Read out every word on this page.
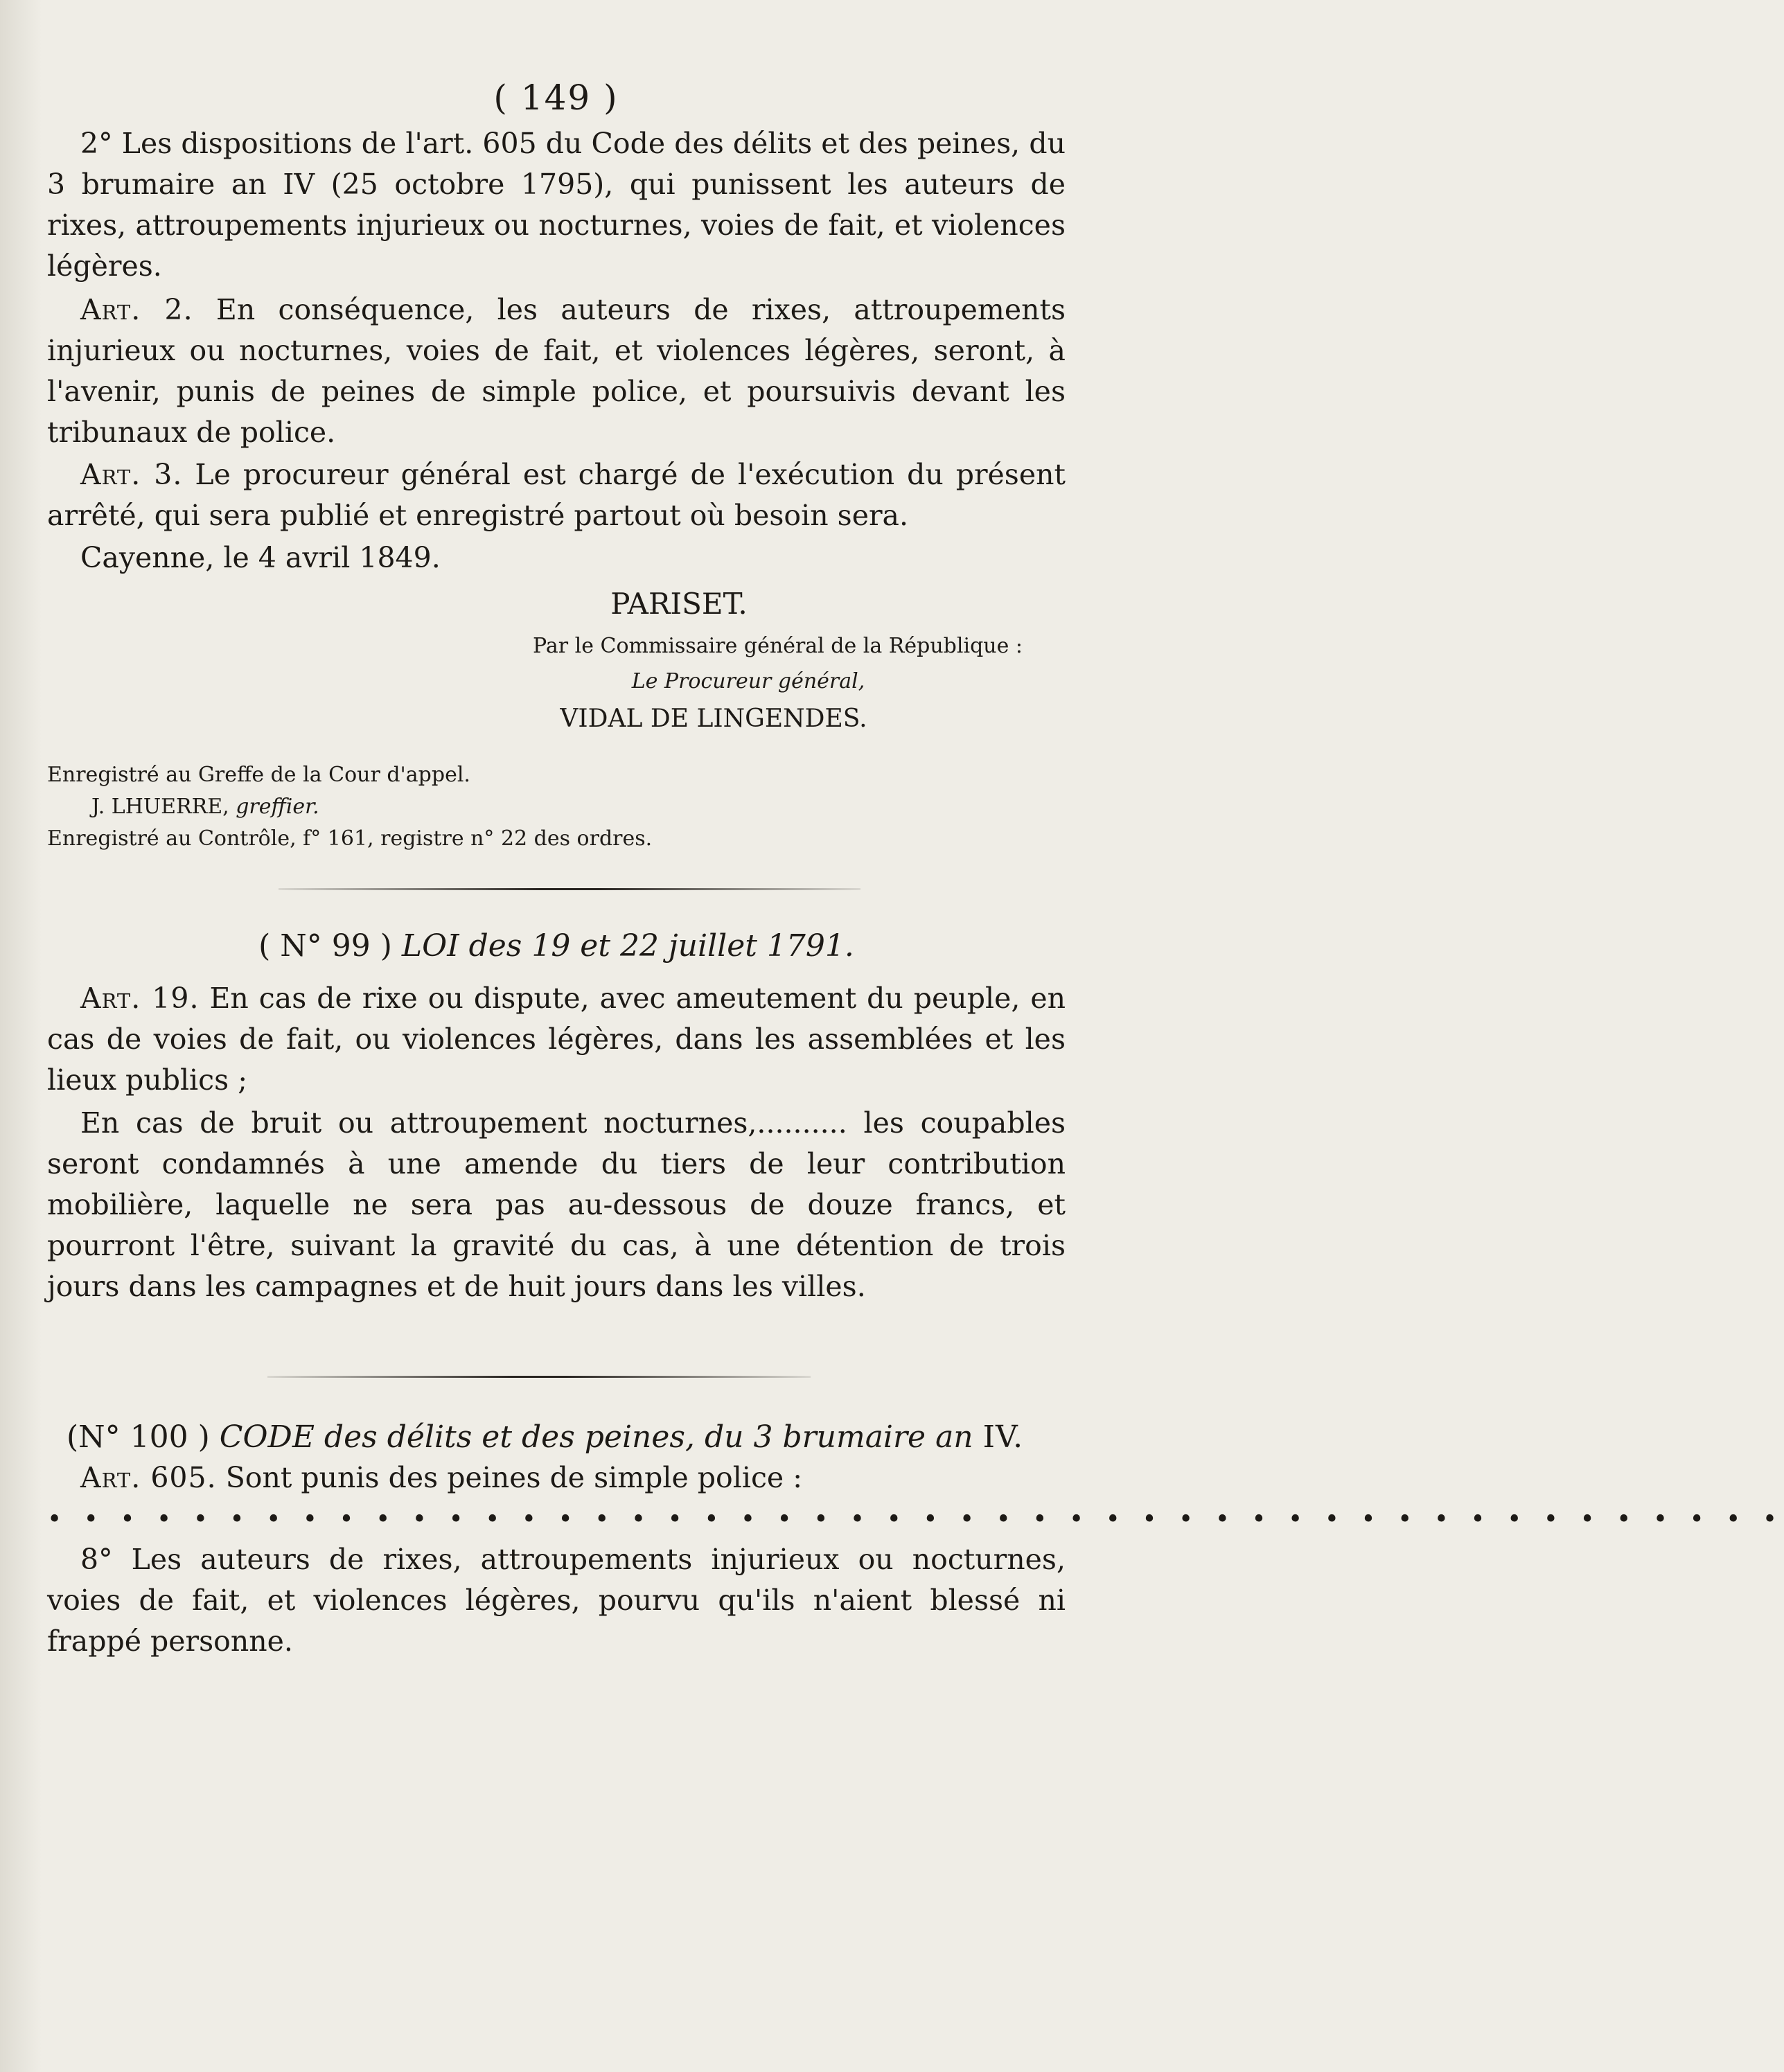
( 149 )

2° Les dispositions de l'art. 605 du Code des délits et des peines, du 3 brumaire an IV (25 octobre 1795), qui punissent les auteurs de rixes, attroupements injurieux ou nocturnes, voies de fait, et violences légères.

Art. 2. En conséquence, les auteurs de rixes, attroupements injurieux ou nocturnes, voies de fait, et violences légères, seront, à l'avenir, punis de peines de simple police, et poursuivis devant les tribunaux de police.

Art. 3. Le procureur général est chargé de l'exécution du présent arrêté, qui sera publié et enregistré partout où besoin sera.

Cayenne, le 4 avril 1849.

PARISET.

Par le Commissaire général de la République :

Le Procureur général,

VIDAL DE LINGENDES.

Enregistré au Greffe de la Cour d'appel.

J. LHUERRE, greffier.

Enregistré au Contrôle, f° 161, registre n° 22 des ordres.

( N° 99 ) LOI des 19 et 22 juillet 1791.

Art. 19. En cas de rixe ou dispute, avec ameutement du peuple, en cas de voies de fait, ou violences légères, dans les assemblées et les lieux publics ;

En cas de bruit ou attroupement nocturnes,.......... les coupables seront condamnés à une amende du tiers de leur contribution mobilière, laquelle ne sera pas au-dessous de douze francs, et pourront l'être, suivant la gravité du cas, à une détention de trois jours dans les campagnes et de huit jours dans les villes.

(N° 100 ) CODE des délits et des peines, du 3 brumaire an IV.

Art. 605. Sont punis des peines de simple police :

• • • • • • • • • • • • • • • • • • • • • • • • • • • • • • • • • • • • • • • • • • • • • • • •

8° Les auteurs de rixes, attroupements injurieux ou nocturnes, voies de fait, et violences légères, pourvu qu'ils n'aient blessé ni frappé personne.
